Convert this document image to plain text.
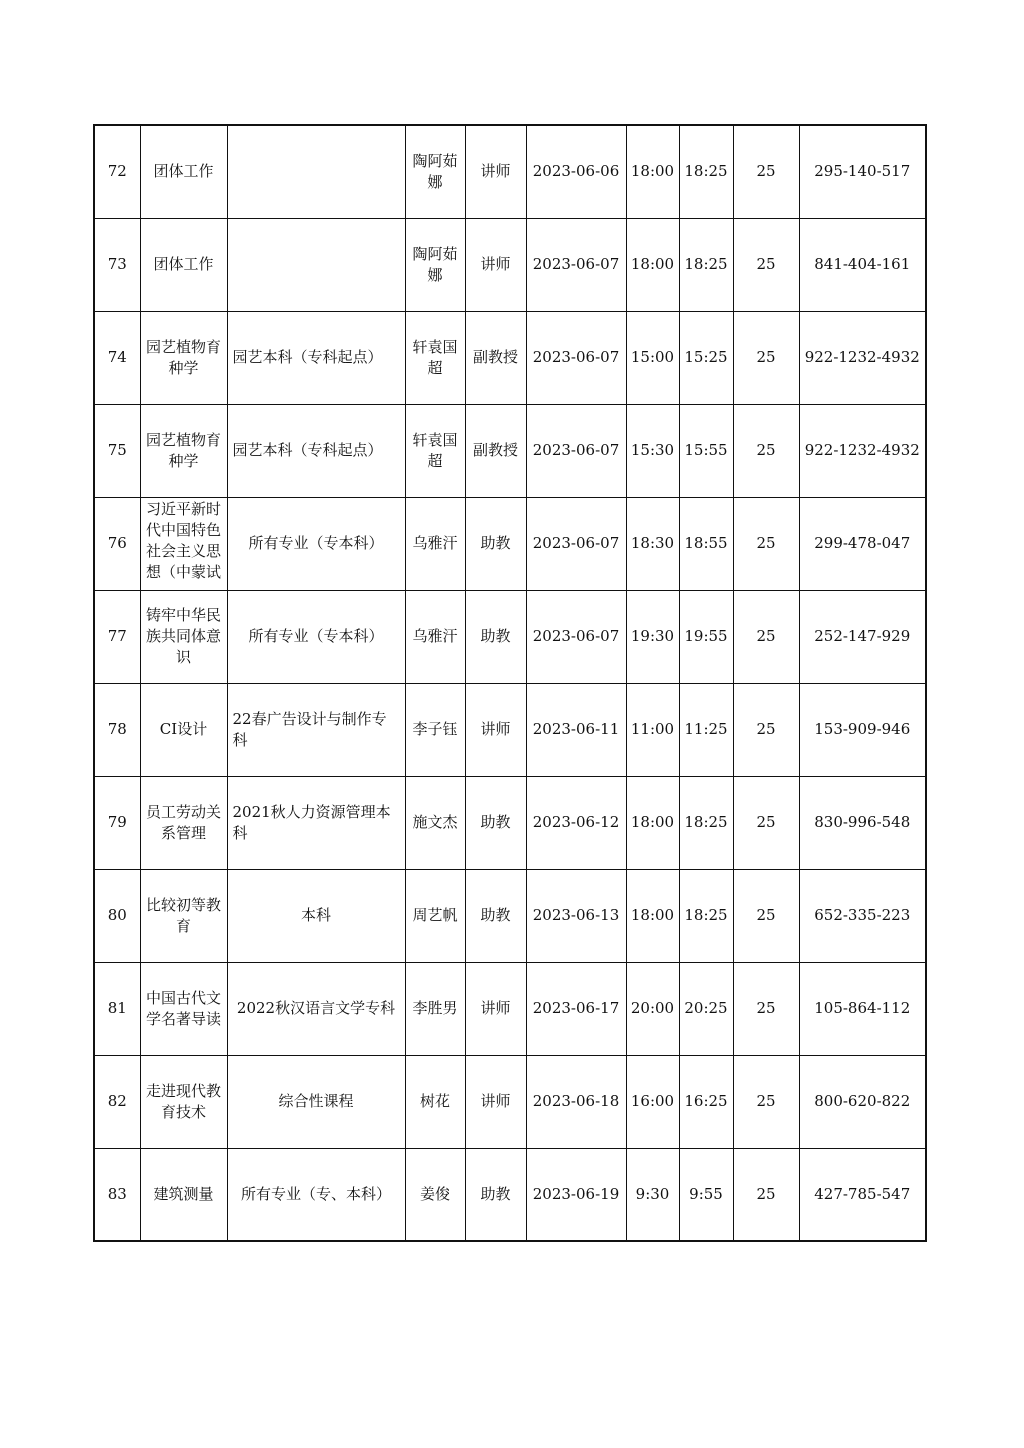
72	团体工作		陶阿茹娜	讲师	2023-06-06	18:00	18:25	25	295-140-517
73	团体工作		陶阿茹娜	讲师	2023-06-07	18:00	18:25	25	841-404-161
74	园艺植物育种学	园艺本科（专科起点）	轩袁国超	副教授	2023-06-07	15:00	15:25	25	922-1232-4932
75	园艺植物育种学	园艺本科（专科起点）	轩袁国超	副教授	2023-06-07	15:30	15:55	25	922-1232-4932
76	习近平新时代中国特色社会主义思想（中蒙试	所有专业（专本科）	乌雅汗	助教	2023-06-07	18:30	18:55	25	299-478-047
77	铸牢中华民族共同体意识	所有专业（专本科）	乌雅汗	助教	2023-06-07	19:30	19:55	25	252-147-929
78	CI设计	22春广告设计与制作专科	李子钰	讲师	2023-06-11	11:00	11:25	25	153-909-946
79	员工劳动关系管理	2021秋人力资源管理本科	施文杰	助教	2023-06-12	18:00	18:25	25	830-996-548
80	比较初等教育	本科	周艺帆	助教	2023-06-13	18:00	18:25	25	652-335-223
81	中国古代文学名著导读	2022秋汉语言文学专科	李胜男	讲师	2023-06-17	20:00	20:25	25	105-864-112
82	走进现代教育技术	综合性课程	树花	讲师	2023-06-18	16:00	16:25	25	800-620-822
83	建筑测量	所有专业（专、本科）	姜俊	助教	2023-06-19	9:30	9:55	25	427-785-547
